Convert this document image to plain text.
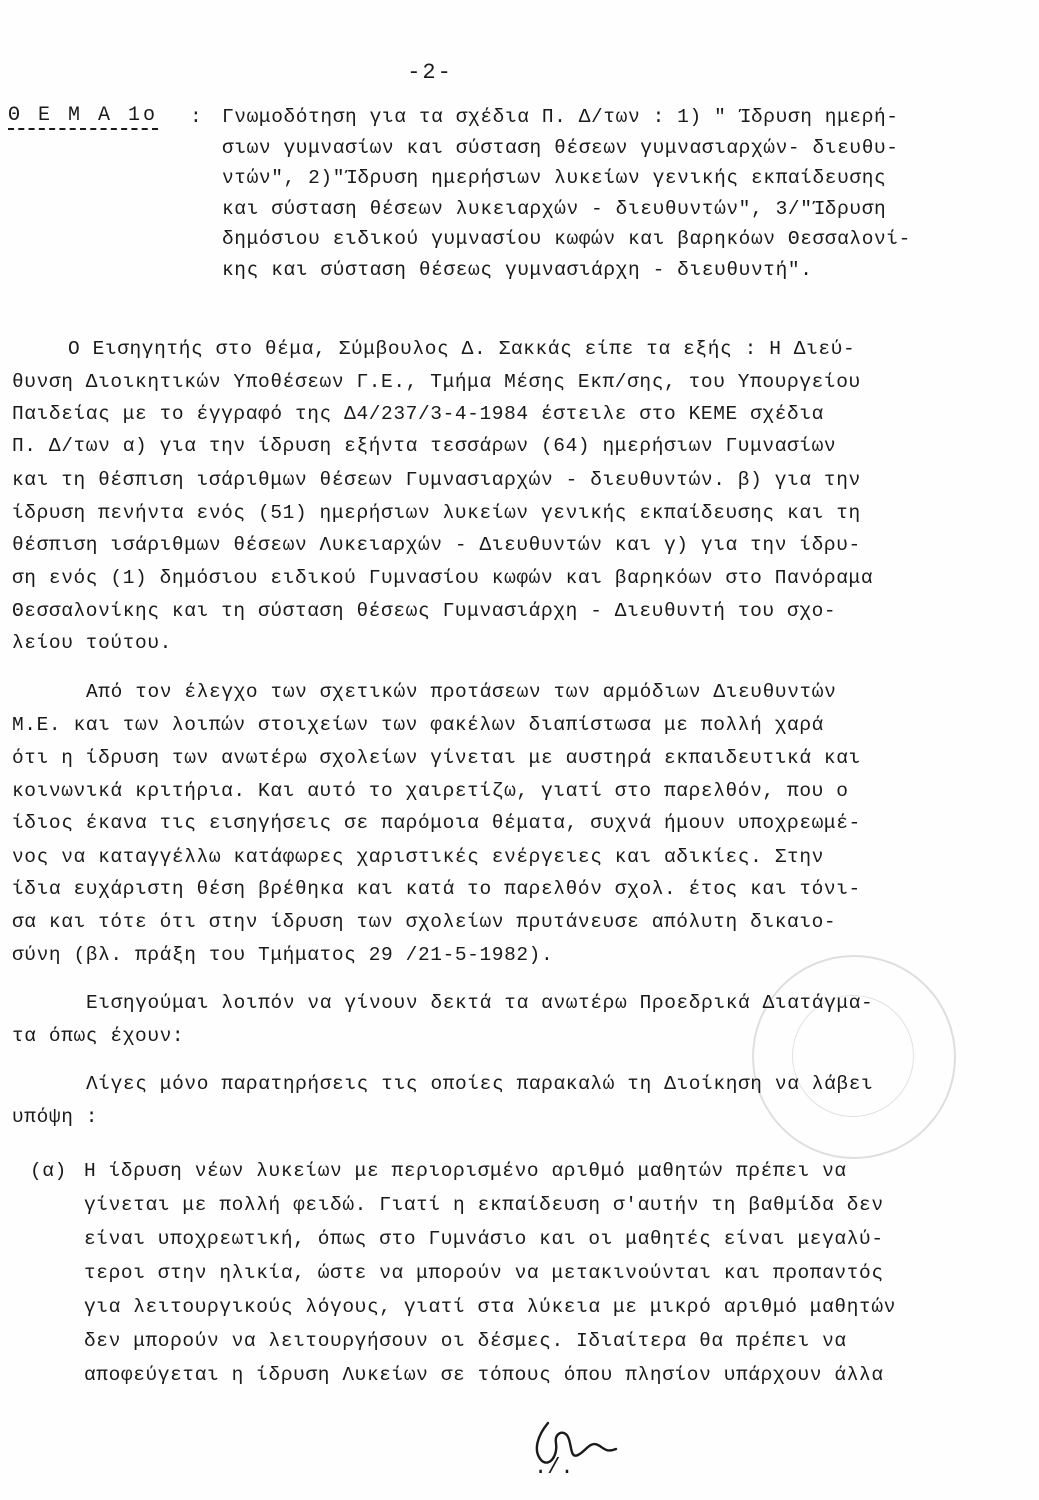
-2-
Θ Ε Μ Α 1ο : Γνωμοδότηση για τα σχέδια Π. Δ/των : 1) " Ίδρυση ημερή-
σιων γυμνασίων και σύσταση θέσεων γυμνασιαρχών- διευθυ-
ντών", 2)"Ίδρυση ημερήσιων λυκείων γενικής εκπαίδευσης
και σύσταση θέσεων λυκειαρχών - διευθυντών", 3/"Ίδρυση
δημόσιου ειδικού γυμνασίου κωφών και βαρηκόων Θεσσαλονί-
κης και σύσταση θέσεως γυμνασιάρχη - διευθυντή".
Ο Εισηγητής στο θέμα, Σύμβουλος Δ. Σακκάς είπε τα εξής : Η Διεύ-
θυνση Διοικητικών Υποθέσεων Γ.Ε., Τμήμα Μέσης Εκπ/σης, του Υπουργείου
Παιδείας με το έγγραφό της Δ4/237/3-4-1984 έστειλε στο ΚΕΜΕ σχέδια
Π. Δ/των α) για την ίδρυση εξήντα τεσσάρων (64) ημερήσιων Γυμνασίων
και τη θέσπιση ισάριθμων θέσεων Γυμνασιαρχών - διευθυντών. β) για την
ίδρυση πενήντα ενός (51) ημερήσιων λυκείων γενικής εκπαίδευσης και τη
θέσπιση ισάριθμων θέσεων Λυκειαρχών - Διευθυντών και γ) για την ίδρυ-
ση ενός (1) δημόσιου ειδικού Γυμνασίου κωφών και βαρηκόων στο Πανόραμα
Θεσσαλονίκης και τη σύσταση θέσεως Γυμνασιάρχη - Διευθυντή του σχο-
λείου τούτου.
Από τον έλεγχο των σχετικών προτάσεων των αρμόδιων Διευθυντών
Μ.Ε. και των λοιπών στοιχείων των φακέλων διαπίστωσα με πολλή χαρά
ότι η ίδρυση των ανωτέρω σχολείων γίνεται με αυστηρά εκπαιδευτικά και
κοινωνικά κριτήρια. Και αυτό το χαιρετίζω, γιατί στο παρελθόν, που ο
ίδιος έκανα τις εισηγήσεις σε παρόμοια θέματα, συχνά ήμουν υποχρεωμέ-
νος να καταγγέλλω κατάφωρες χαριστικές ενέργειες και αδικίες. Στην
ίδια ευχάριστη θέση βρέθηκα και κατά το παρελθόν σχολ. έτος και τόνι-
σα και τότε ότι στην ίδρυση των σχολείων πρυτάνευσε απόλυτη δικαιο-
σύνη (βλ. πράξη του Τμήματος 29 /21-5-1982).
Εισηγούμαι λοιπόν να γίνουν δεκτά τα ανωτέρω Προεδρικά Διατάγμα-
τα όπως έχουν:
Λίγες μόνο παρατηρήσεις τις οποίες παρακαλώ τη Διοίκηση να λάβει
υπόψη :
(α) Η ίδρυση νέων λυκείων με περιορισμένο αριθμό μαθητών πρέπει να
γίνεται με πολλή φειδώ. Γιατί η εκπαίδευση σ'αυτήν τη βαθμίδα δεν
είναι υποχρεωτική, όπως στο Γυμνάσιο και οι μαθητές είναι μεγαλύ-
τεροι στην ηλικία, ώστε να μπορούν να μετακινούνται και προπαντός
για λειτουργικούς λόγους, γιατί στα λύκεια με μικρό αριθμό μαθητών
δεν μπορούν να λειτουργήσουν οι δέσμες. Ιδιαίτερα θα πρέπει να
αποφεύγεται η ίδρυση Λυκείων σε τόπους όπου πλησίον υπάρχουν άλλα
./.
